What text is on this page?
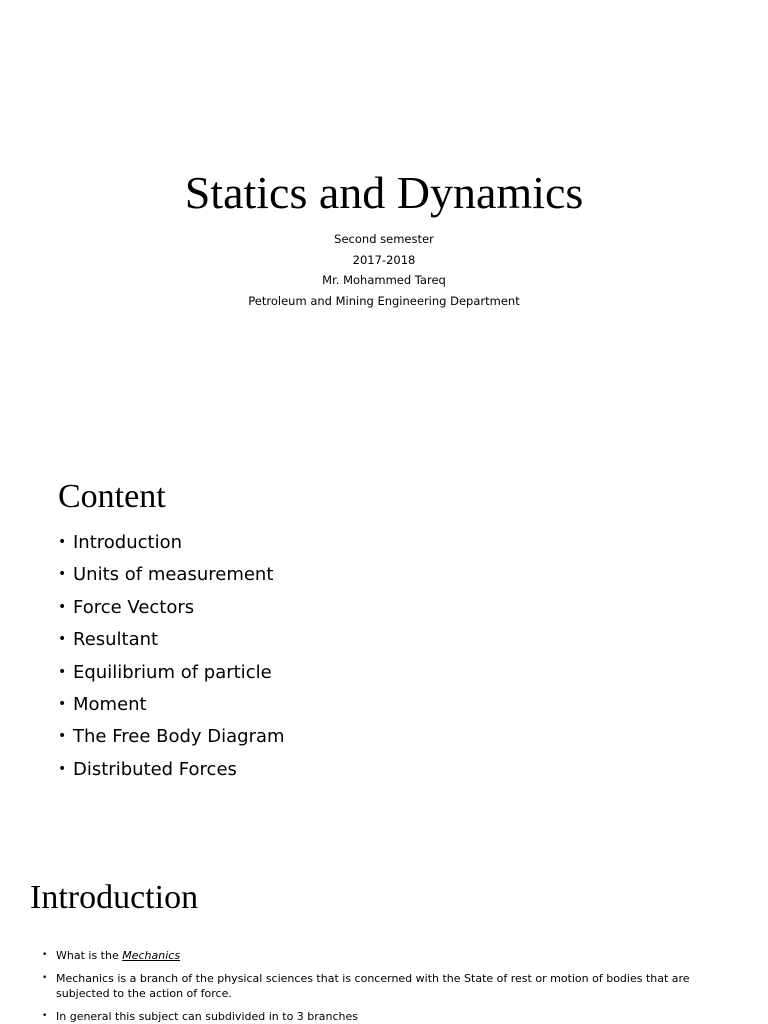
Statics and Dynamics
Second semester
2017-2018
Mr. Mohammed Tareq
Petroleum and Mining Engineering Department
Content
• Introduction
• Units of measurement
• Force Vectors
• Resultant
• Equilibrium of particle
• Moment
• The Free Body Diagram
• Distributed Forces
Introduction
• What is the Mechanics
• Mechanics is a branch of the physical sciences that is concerned with the State of rest or motion of bodies that are subjected to the action of force.
• In general this subject can subdivided in to 3 branches
